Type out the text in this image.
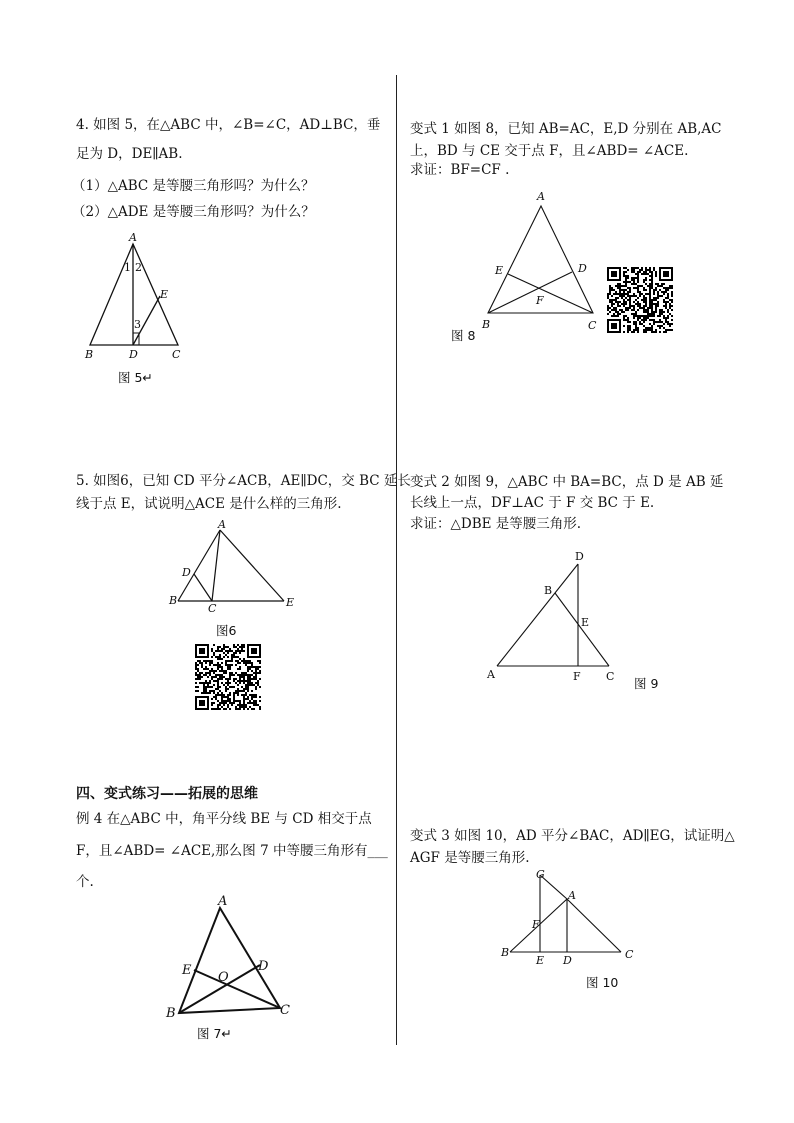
4. 如图 5，在△ABC 中，∠B=∠C，AD⊥BC，垂
足为 D，DE∥AB.
（1）△ABC 是等腰三角形吗？为什么？
（2）△ADE 是等腰三角形吗？为什么？
A
B	C
D
E
1 2
3
图 5↵
5. 如图6，已知 CD 平分∠ACB，AE∥DC，交 BC 延长
线于点 E，试说明△ACE 是什么样的三角形.
A
B
C
D
E
图6
四、变式练习——拓展的思维
例 4 在△ABC 中，角平分线 BE 与 CD 相交于点
F，且∠ABD= ∠ACE,那么图 7 中等腰三角形有___
个.
A
B	C
D
E O
图 7↵
变式 1 如图 8，已知 AB=AC，E,D 分别在 AB,AC
上，BD 与 CE 交于点 F，且∠ABD= ∠ACE.
求证：BF=CF .
A
B	C
D
E
F
图 8
变式 2 如图 9，△ABC 中 BA=BC，点 D 是 AB 延
长线上一点，DF⊥AC 于 F 交 BC 于 E.
求证：△DBE 是等腰三角形.
D
B
E
A	F C 图 9
变式 3 如图 10，AD 平分∠BAC，AD∥EG，试证明△
AGF 是等腰三角形.
G
A
F
B
E D	C
图 10
